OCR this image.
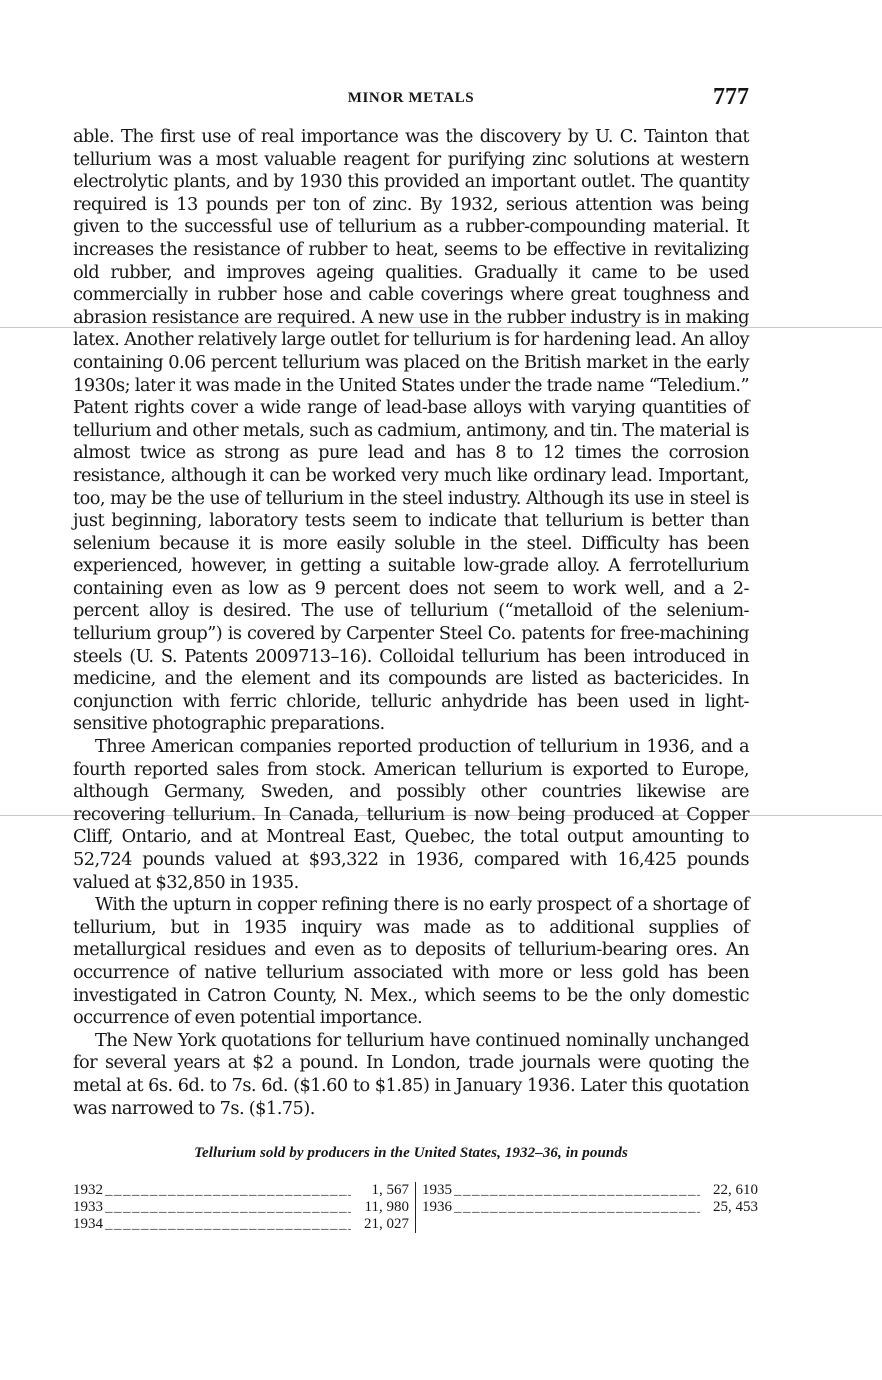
MINOR METALS	777

able. The first use of real importance was the discovery by U. C. Tainton that tellurium was a most valuable reagent for purifying zinc solutions at western electrolytic plants, and by 1930 this provided an important outlet. The quantity required is 13 pounds per ton of zinc. By 1932, serious attention was being given to the successful use of tellurium as a rubber-compounding material. It increases the resistance of rubber to heat, seems to be effective in revitalizing old rubber, and improves ageing qualities. Gradually it came to be used commercially in rubber hose and cable coverings where great toughness and abrasion resistance are required. A new use in the rubber industry is in making latex. Another relatively large outlet for tellurium is for hardening lead. An alloy containing 0.06 percent tellurium was placed on the British market in the early 1930s; later it was made in the United States under the trade name “Teledium.” Patent rights cover a wide range of lead-base alloys with varying quantities of tellurium and other metals, such as cadmium, antimony, and tin. The material is almost twice as strong as pure lead and has 8 to 12 times the corrosion resistance, although it can be worked very much like ordinary lead. Important, too, may be the use of tellurium in the steel industry. Although its use in steel is just beginning, laboratory tests seem to indicate that tellurium is better than selenium because it is more easily soluble in the steel. Difficulty has been experienced, however, in getting a suitable low-grade alloy. A ferrotellurium containing even as low as 9 percent does not seem to work well, and a 2-percent alloy is desired. The use of tellurium (“metalloid of the selenium-tellurium group”) is covered by Carpenter Steel Co. patents for free-machining steels (U. S. Patents 2009713–16). Colloidal tellurium has been introduced in medicine, and the element and its compounds are listed as bactericides. In conjunction with ferric chloride, telluric anhydride has been used in light-sensitive photographic preparations.

Three American companies reported production of tellurium in 1936, and a fourth reported sales from stock. American tellurium is exported to Europe, although Germany, Sweden, and possibly other countries likewise are recovering tellurium. In Canada, tellurium is now being produced at Copper Cliff, Ontario, and at Montreal East, Quebec, the total output amounting to 52,724 pounds valued at $93,322 in 1936, compared with 16,425 pounds valued at $32,850 in 1935.

With the upturn in copper refining there is no early prospect of a shortage of tellurium, but in 1935 inquiry was made as to additional supplies of metallurgical residues and even as to deposits of tellurium-bearing ores. An occurrence of native tellurium associated with more or less gold has been investigated in Catron County, N. Mex., which seems to be the only domestic occurrence of even potential importance.

The New York quotations for tellurium have continued nominally unchanged for several years at $2 a pound. In London, trade journals were quoting the metal at 6s. 6d. to 7s. 6d. ($1.60 to $1.85) in January 1936. Later this quotation was narrowed to 7s. ($1.75).

Tellurium sold by producers in the United States, 1932–36, in pounds
1932 _____	1, 567
1933 _____	11, 980
1934 _____	21, 027
1935 _____	22, 610
1936 _____	25, 453
